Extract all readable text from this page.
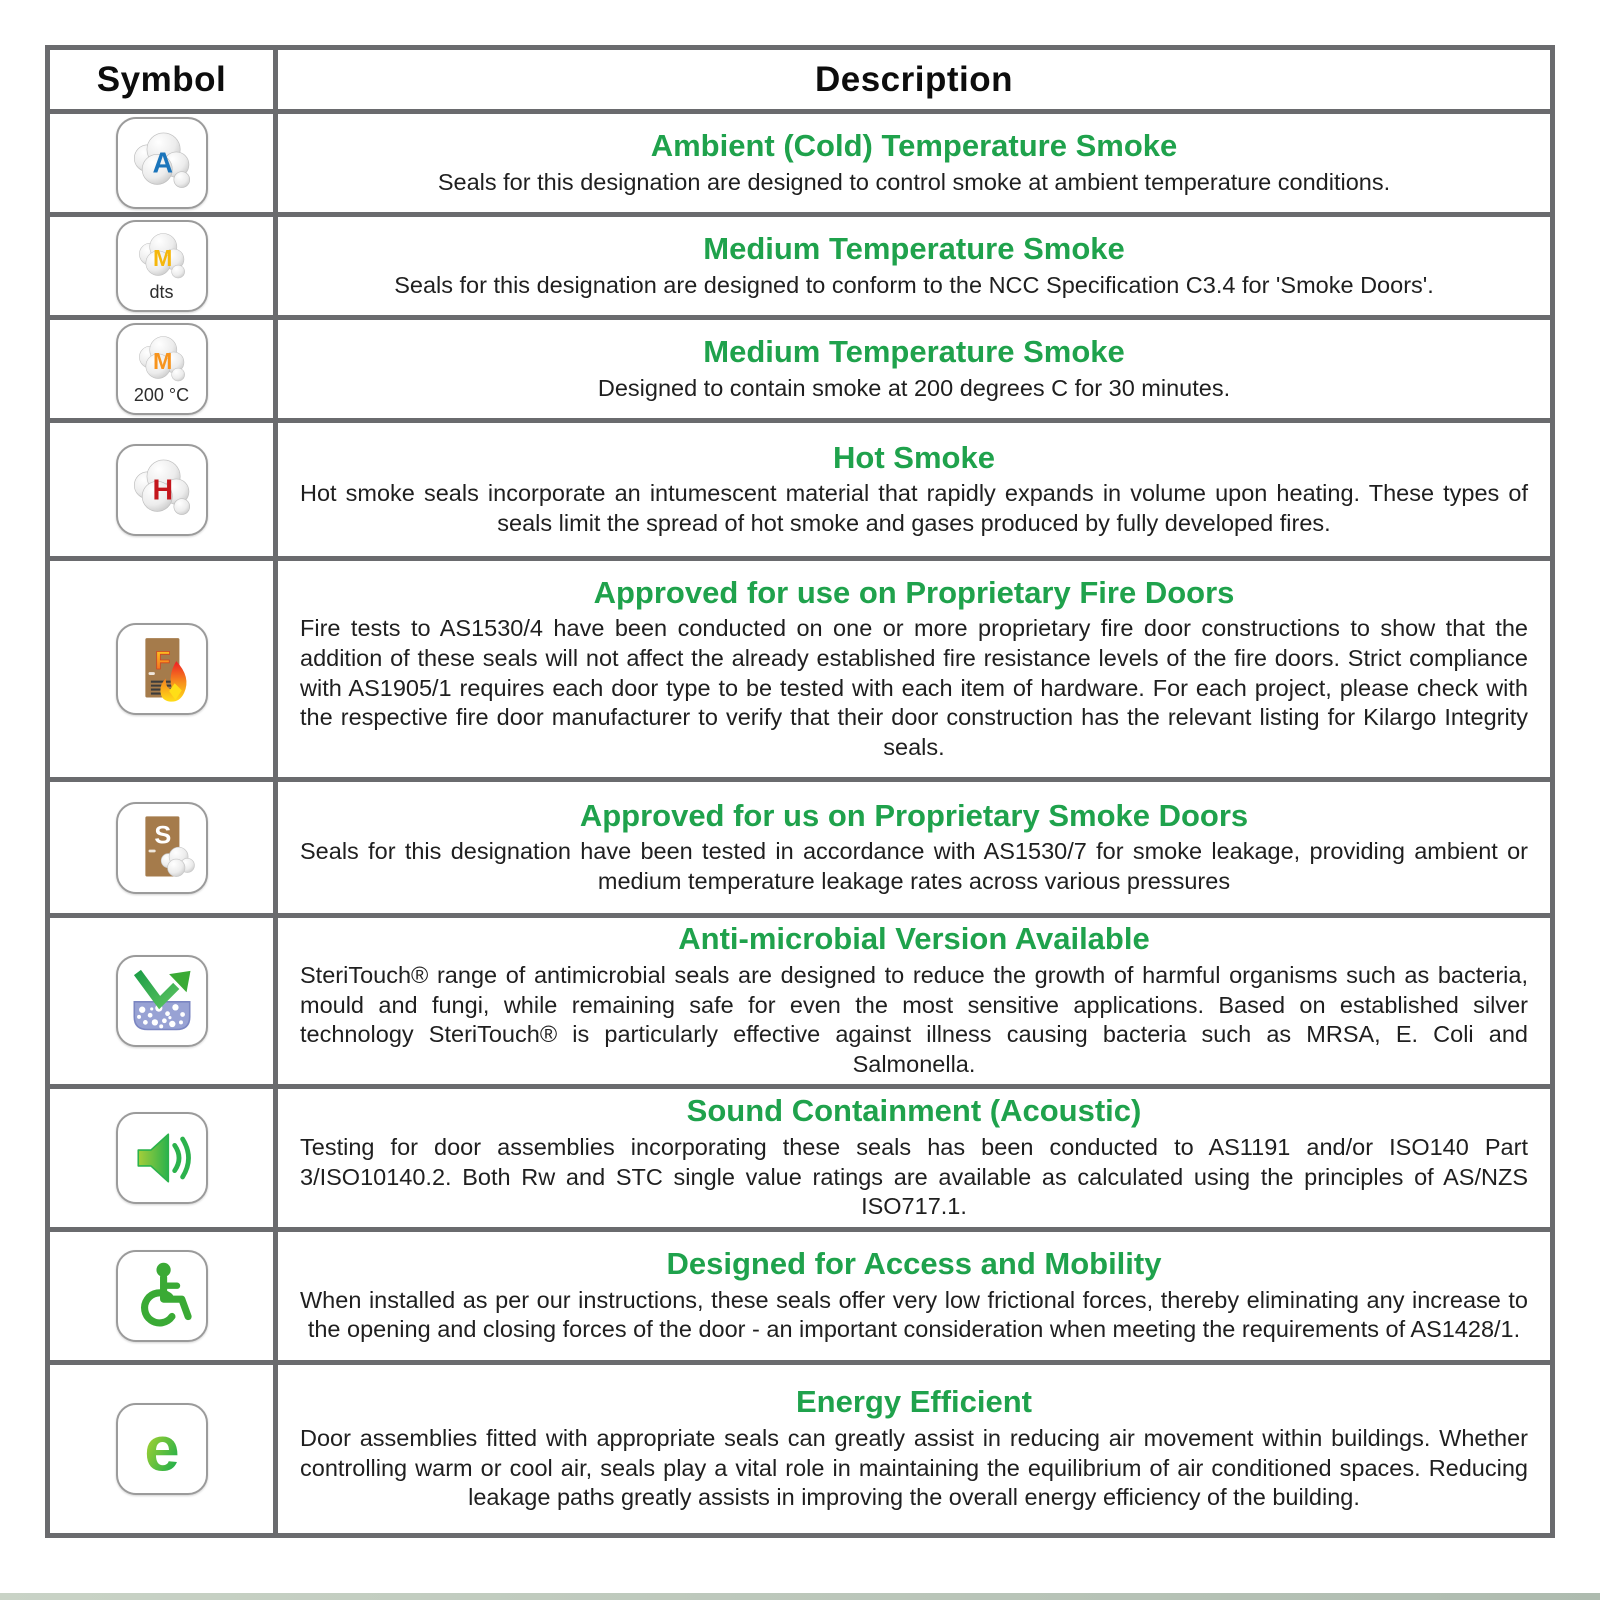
Symbol	Description
A
Ambient (Cold) Temperature Smoke
Seals for this designation are designed to control smoke at ambient temperature conditions.
M
dts
Medium Temperature Smoke
Seals for this designation are designed to conform to the NCC Specification C3.4 for 'Smoke Doors'.
M
200 °C
Medium Temperature Smoke
Designed to contain smoke at 200 degrees C for 30 minutes.
H
Hot Smoke
Hot smoke seals incorporate an intumescent material that rapidly expands in volume upon heating. These types of seals limit the spread of hot smoke and gases produced by fully developed fires.
F
Approved for use on Proprietary Fire Doors
Fire tests to AS1530/4 have been conducted on one or more proprietary fire door constructions to show that the addition of these seals will not affect the already established fire resistance levels of the fire doors. Strict compliance with AS1905/1 requires each door type to be tested with each item of hardware. For each project, please check with the respective fire door manufacturer to verify that their door construction has the relevant listing for Kilargo Integrity seals.
S
Approved for us on Proprietary Smoke Doors
Seals for this designation have been tested in accordance with AS1530/7 for smoke leakage, providing ambient or medium temperature leakage rates across various pressures
Anti-microbial Version Available
SteriTouch® range of antimicrobial seals are designed to reduce the growth of harmful organisms such as bacteria, mould and fungi, while remaining safe for even the most sensitive applications. Based on established silver technology SteriTouch® is particularly effective against illness causing bacteria such as MRSA, E. Coli and Salmonella.
Sound Containment (Acoustic)
Testing for door assemblies incorporating these seals has been conducted to AS1191 and/or ISO140 Part 3/ISO10140.2. Both Rw and STC single value ratings are available as calculated using the principles of AS/NZS ISO717.1.
Designed for Access and Mobility
When installed as per our instructions, these seals offer very low frictional forces, thereby eliminating any increase to the opening and closing forces of the door - an important consideration when meeting the requirements of AS1428/1.
e
Energy Efficient
Door assemblies fitted with appropriate seals can greatly assist in reducing air movement within buildings. Whether controlling warm or cool air, seals play a vital role in maintaining the equilibrium of air conditioned spaces. Reducing leakage paths greatly assists in improving the overall energy efficiency of the building.
